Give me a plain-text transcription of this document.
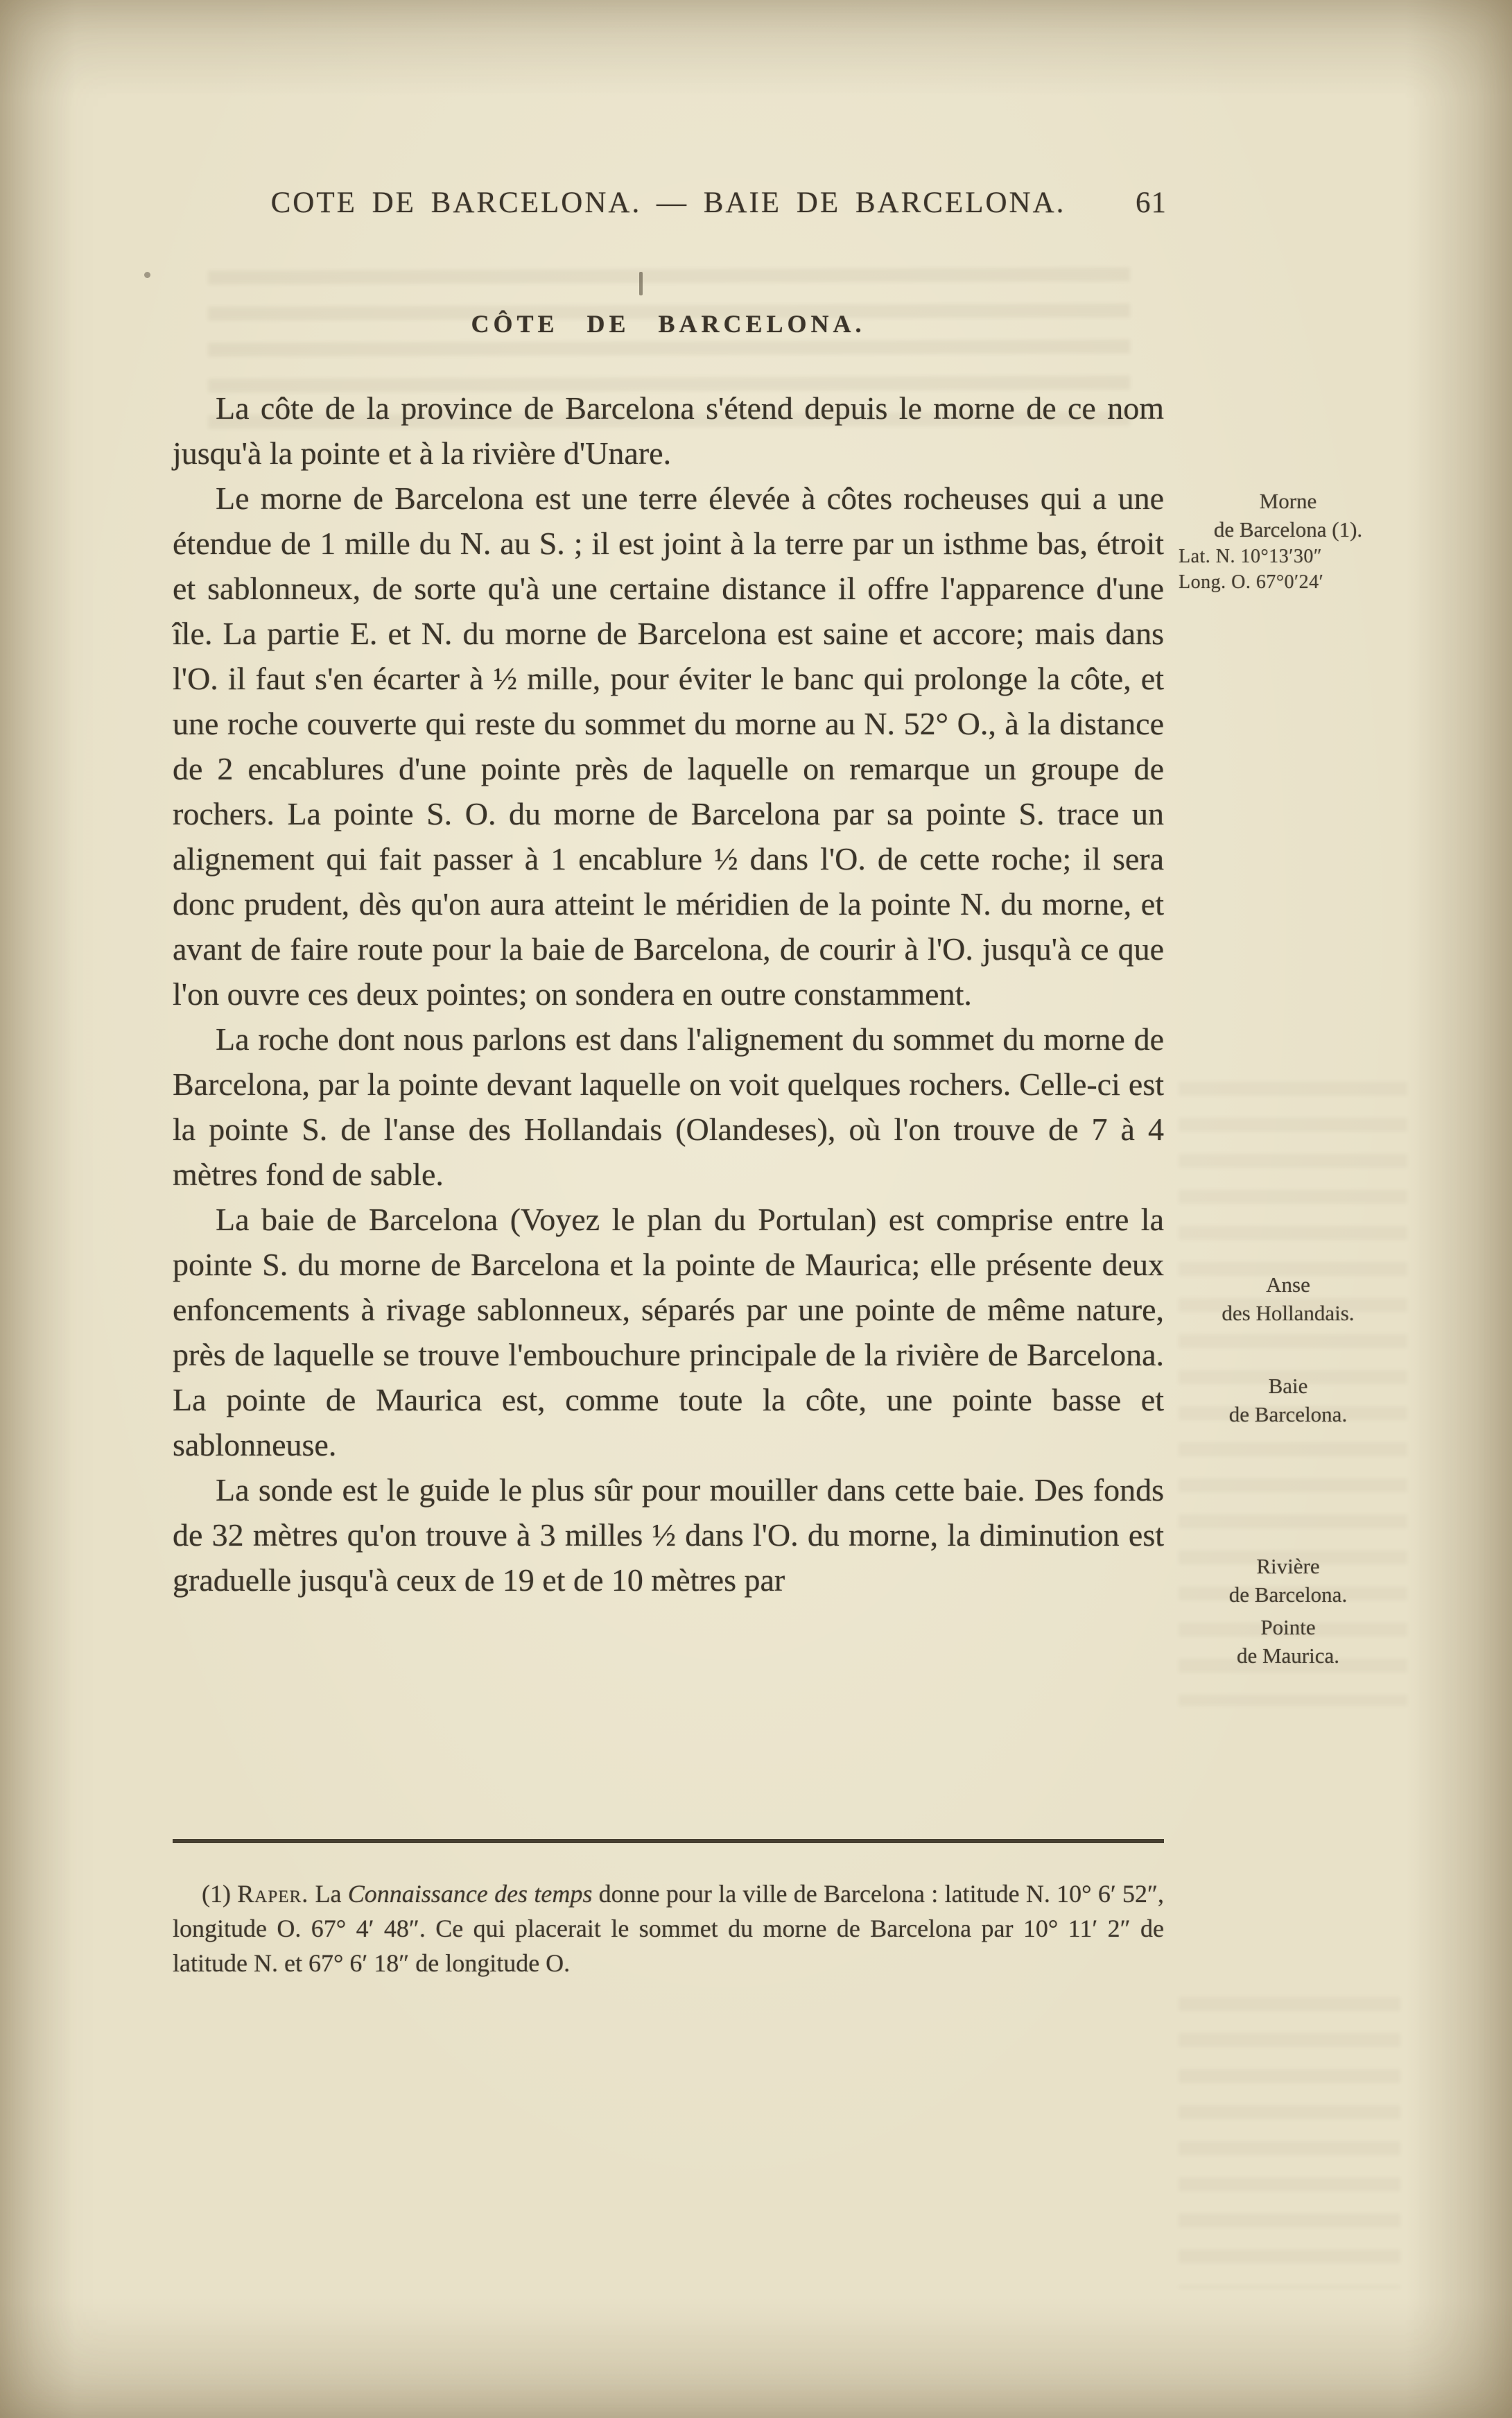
COTE DE BARCELONA. — BAIE DE BARCELONA.	61
CÔTE DE BARCELONA.

La côte de la province de Barcelona s'étend depuis le morne de ce nom jusqu'à la pointe et à la rivière d'Unare.

Le morne de Barcelona est une terre élevée à côtes rocheuses qui a une étendue de 1 mille du N. au S. ; il est joint à la terre par un isthme bas, étroit et sablonneux, de sorte qu'à une certaine distance il offre l'apparence d'une île. La partie E. et N. du morne de Barcelona est saine et accore; mais dans l'O. il faut s'en écarter à ½ mille, pour éviter le banc qui prolonge la côte, et une roche couverte qui reste du sommet du morne au N. 52° O., à la distance de 2 encablures d'une pointe près de laquelle on remarque un groupe de rochers. La pointe S. O. du morne de Barcelona par sa pointe S. trace un alignement qui fait passer à 1 encablure ½ dans l'O. de cette roche; il sera donc prudent, dès qu'on aura atteint le méridien de la pointe N. du morne, et avant de faire route pour la baie de Barcelona, de courir à l'O. jusqu'à ce que l'on ouvre ces deux pointes; on sondera en outre constamment.

La roche dont nous parlons est dans l'alignement du sommet du morne de Barcelona, par la pointe devant laquelle on voit quelques rochers. Celle-ci est la pointe S. de l'anse des Hollandais (Olandeses), où l'on trouve de 7 à 4 mètres fond de sable.

La baie de Barcelona (Voyez le plan du Portulan) est comprise entre la pointe S. du morne de Barcelona et la pointe de Maurica; elle présente deux enfoncements à rivage sablonneux, séparés par une pointe de même nature, près de laquelle se trouve l'embouchure principale de la rivière de Barcelona. La pointe de Maurica est, comme toute la côte, une pointe basse et sablonneuse.

La sonde est le guide le plus sûr pour mouiller dans cette baie. Des fonds de 32 mètres qu'on trouve à 3 milles ½ dans l'O. du morne, la diminution est graduelle jusqu'à ceux de 19 et de 10 mètres par

Morne
de Barcelona (1).
Lat. N. 10°13′30″
Long. O. 67°0′24′
Anse
des Hollandais.
Baie
de Barcelona.
Rivière
de Barcelona.
Pointe
de Maurica.

(1) Raper. La Connaissance des temps donne pour la ville de Barcelona : latitude N. 10° 6′ 52″, longitude O. 67° 4′ 48″. Ce qui placerait le sommet du morne de Barcelona par 10° 11′ 2″ de latitude N. et 67° 6′ 18″ de longitude O.
